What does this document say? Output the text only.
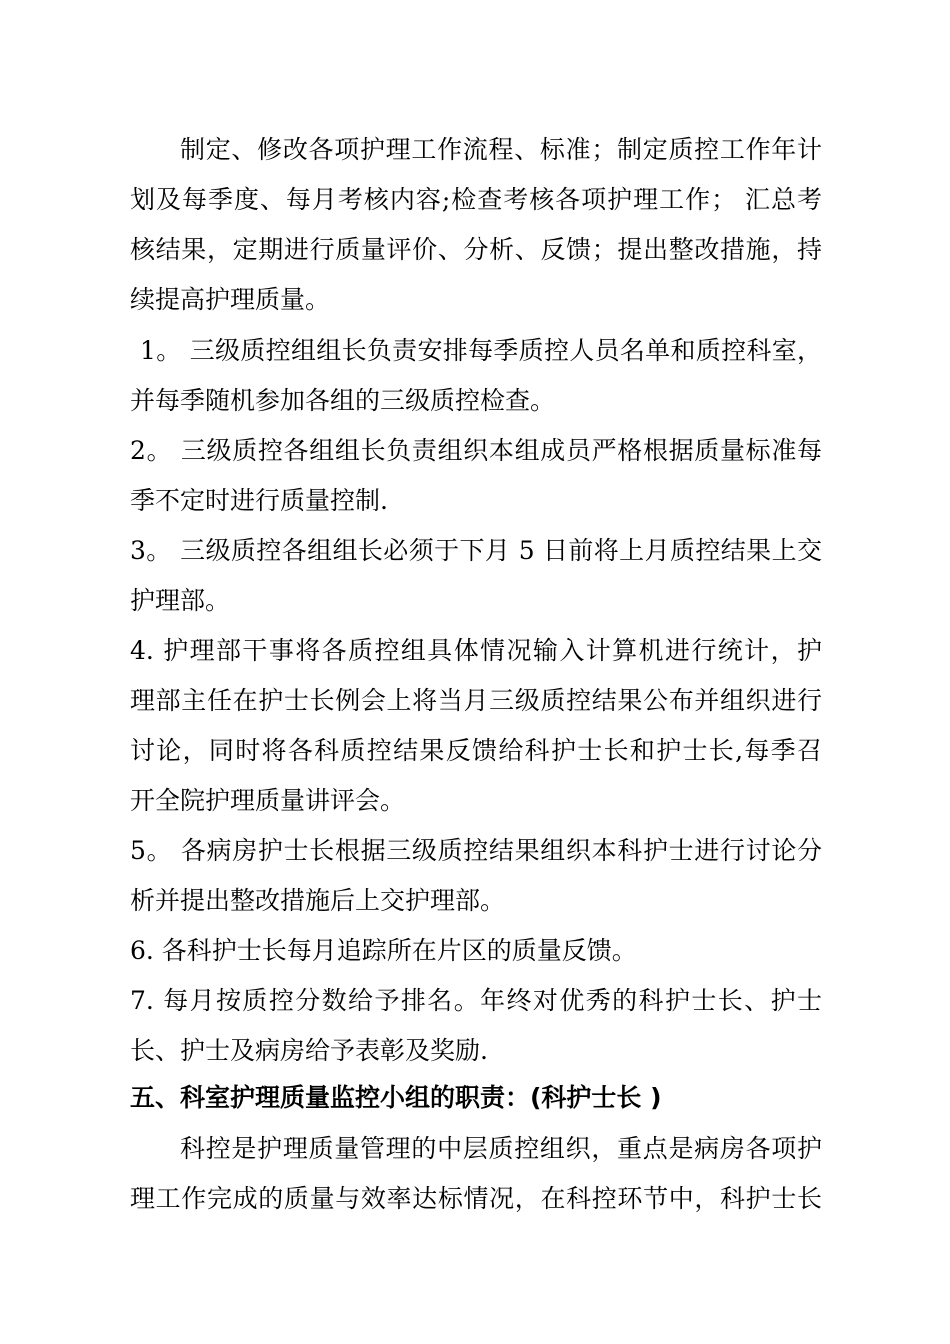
制定、修改各项护理工作流程、标准；制定质控工作年计
划及每季度、每月考核内容;检查考核各项护理工作； 汇总考
核结果，定期进行质量评价、分析、反馈；提出整改措施，持
续提高护理质量。
1。 三级质控组组长负责安排每季质控人员名单和质控科室，
并每季随机参加各组的三级质控检查。
2。 三级质控各组组长负责组织本组成员严格根据质量标准每
季不定时进行质量控制.
3。 三级质控各组组长必须于下月 5 日前将上月质控结果上交
护理部。
4. 护理部干事将各质控组具体情况输入计算机进行统计，护
理部主任在护士长例会上将当月三级质控结果公布并组织进行
讨论，同时将各科质控结果反馈给科护士长和护士长,每季召
开全院护理质量讲评会。
5。 各病房护士长根据三级质控结果组织本科护士进行讨论分
析并提出整改措施后上交护理部。
6. 各科护士长每月追踪所在片区的质量反馈。
7. 每月按质控分数给予排名。年终对优秀的科护士长、护士
长、护士及病房给予表彰及奖励.
五、科室护理质量监控小组的职责：(科护士长 )
科控是护理质量管理的中层质控组织，重点是病房各项护
理工作完成的质量与效率达标情况，在科控环节中，科护士长
